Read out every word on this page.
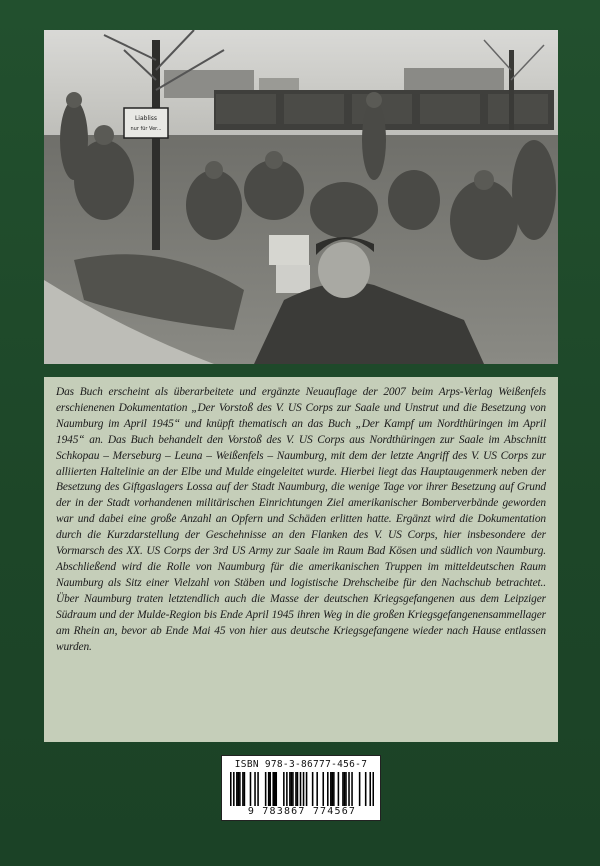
Liabliss
nur für Ver...

Das Buch erscheint als überarbeitete und ergänzte Neuauflage der 2007 beim Arps-Verlag Weißenfels erschienenen Dokumentation „Der Vorstoß des V. US Corps zur Saale und Unstrut und die Besetzung von Naumburg im April 1945“ und knüpft thematisch an das Buch „Der Kampf um Nordthüringen im April 1945“ an. Das Buch behandelt den Vorstoß des V. US Corps aus Nordthüringen zur Saale im Abschnitt Schkopau – Merseburg – Leuna – Weißenfels – Naumburg, mit dem der letzte Angriff des V. US Corps zur alliierten Haltelinie an der Elbe und Mulde eingeleitet wurde. Hierbei liegt das Hauptaugenmerk neben der Besetzung des Giftgaslagers Lossa auf der Stadt Naumburg, die wenige Tage vor ihrer Besetzung auf Grund der in der Stadt vorhandenen militärischen Einrichtungen Ziel amerikanischer Bomberverbände geworden war und dabei eine große Anzahl an Opfern und Schäden erlitten hatte. Ergänzt wird die Dokumentation durch die Kurzdarstellung der Geschehnisse an den Flanken des V. US Corps, hier insbesondere der Vormarsch des XX. US Corps der 3rd US Army zur Saale im Raum Bad Kösen und südlich von Naumburg. Abschließend wird die Rolle von Naumburg für die amerikanischen Truppen im mitteldeutschen Raum Naumburg als Sitz einer Vielzahl von Stäben und logistische Drehscheibe für den Nachschub betrachtet.. Über Naumburg traten letztendlich auch die Masse der deutschen Kriegsgefangenen aus dem Leipziger Südraum und der Mulde-Region bis Ende April 1945 ihren Weg in die großen Kriegsgefangenensammellager am Rhein an, bevor ab Ende Mai 45 von hier aus deutsche Kriegsgefangene wieder nach Hause entlassen wurden.

ISBN 978-3-86777-456-7
9 783867 774567
